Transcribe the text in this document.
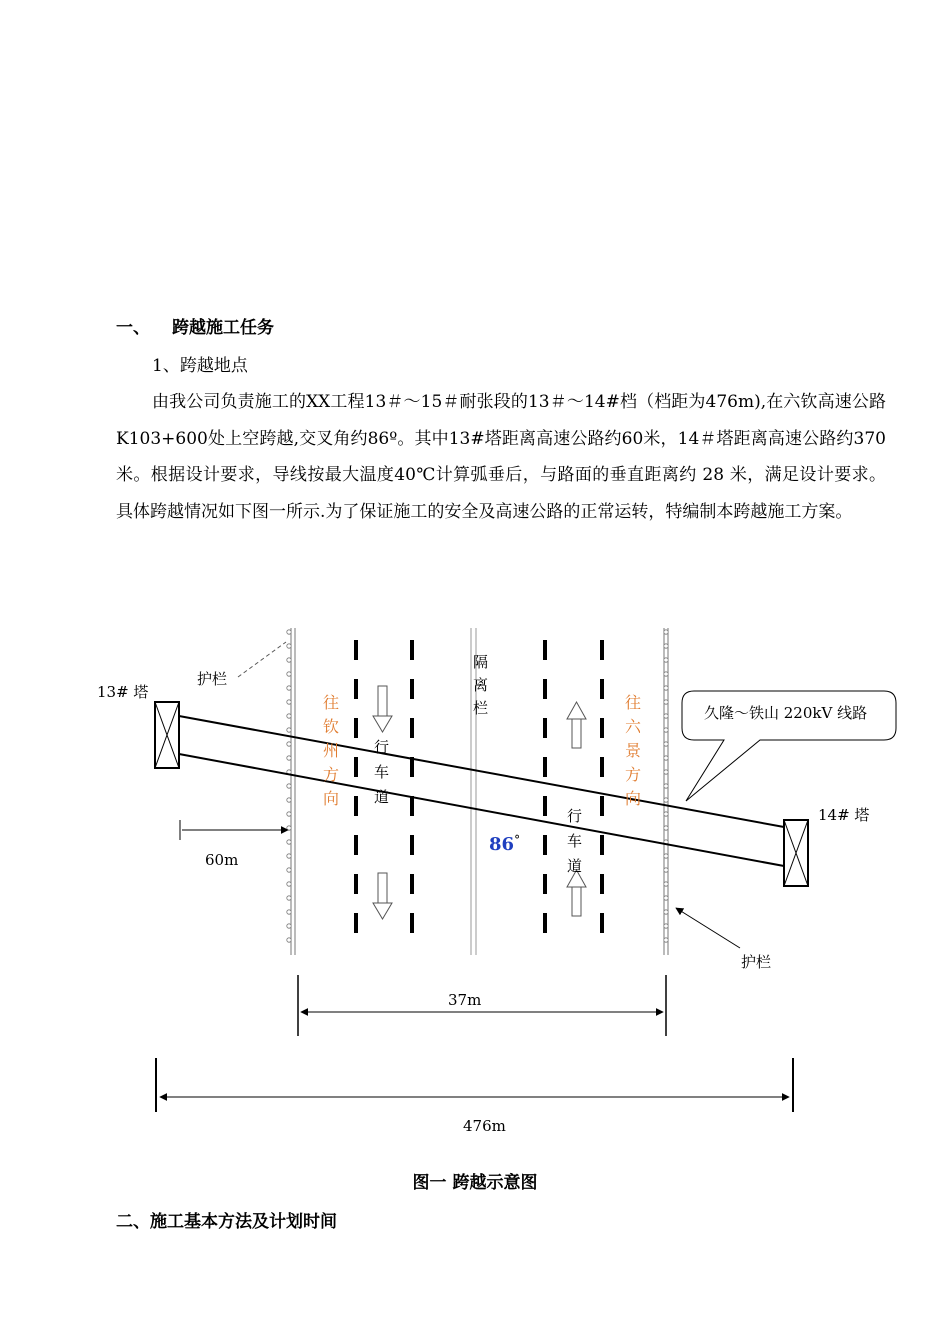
一、 跨越施工任务
1、跨越地点

由我公司负责施工的XX工程13＃～15＃耐张段的13＃～14#档（档距为476m),在六钦高速公路K103+600处上空跨越,交叉角约86º。其中13#塔距离高速公路约60米，14＃塔距离高速公路约370米。根据设计要求，导线按最大温度40℃计算弧垂后，与路面的垂直距离约 28 米，满足设计要求。具体跨越情况如下图一所示.为了保证施工的安全及高速公路的正常运转，特编制本跨越施工方案。

13# 塔
14# 塔
护栏
护栏
久隆～铁山 220kV 线路
60m
37m
476m
86°
往
钦
州
方
向
往
六
景
方
向
行
车
道
行
车
道
隔
离
栏
图一 跨越示意图
二、施工基本方法及计划时间
